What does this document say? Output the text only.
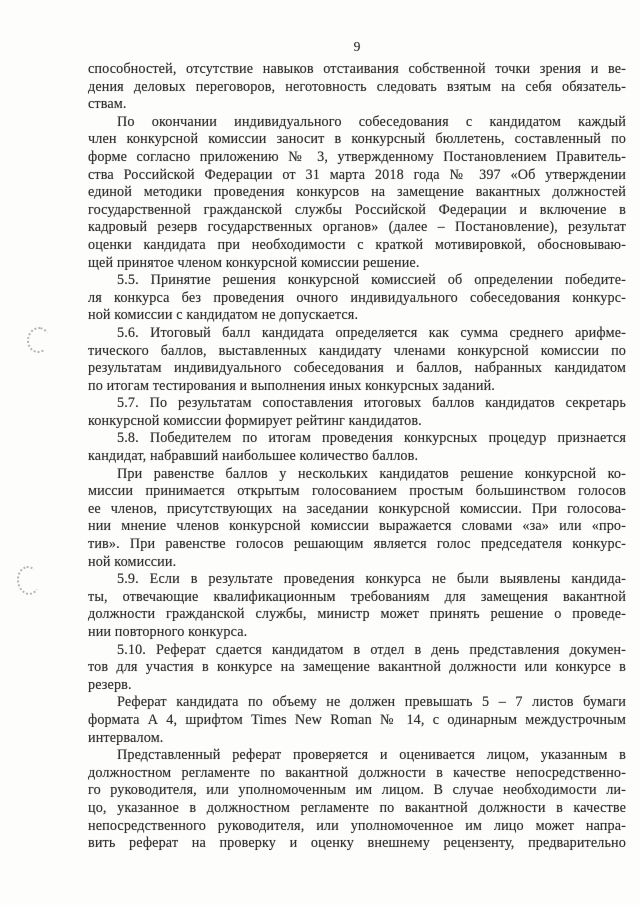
9
способностей, отсутствие навыков отстаивания собственной точки зрения и ве-
дения деловых переговоров, неготовность следовать взятым на себя обязатель-
ствам.
По окончании индивидуального собеседования с кандидатом каждый
член конкурсной комиссии заносит в конкурсный бюллетень, составленный по
форме согласно приложению № 3, утвержденному Постановлением Правитель-
ства Российской Федерации от 31 марта 2018 года № 397 «Об утверждении
единой методики проведения конкурсов на замещение вакантных должностей
государственной гражданской службы Российской Федерации и включение в
кадровый резерв государственных органов» (далее – Постановление), результат
оценки кандидата при необходимости с краткой мотивировкой, обосновываю-
щей принятое членом конкурсной комиссии решение.
5.5. Принятие решения конкурсной комиссией об определении победите-
ля конкурса без проведения очного индивидуального собеседования конкурс-
ной комиссии с кандидатом не допускается.
5.6. Итоговый балл кандидата определяется как сумма среднего арифме-
тического баллов, выставленных кандидату членами конкурсной комиссии по
результатам индивидуального собеседования и баллов, набранных кандидатом
по итогам тестирования и выполнения иных конкурсных заданий.
5.7. По результатам сопоставления итоговых баллов кандидатов секретарь
конкурсной комиссии формирует рейтинг кандидатов.
5.8. Победителем по итогам проведения конкурсных процедур признается
кандидат, набравший наибольшее количество баллов.
При равенстве баллов у нескольких кандидатов решение конкурсной ко-
миссии принимается открытым голосованием простым большинством голосов
ее членов, присутствующих на заседании конкурсной комиссии. При голосова-
нии мнение членов конкурсной комиссии выражается словами «за» или «про-
тив». При равенстве голосов решающим является голос председателя конкурс-
ной комиссии.
5.9. Если в результате проведения конкурса не были выявлены кандида-
ты, отвечающие квалификационным требованиям для замещения вакантной
должности гражданской службы, министр может принять решение о проведе-
нии повторного конкурса.
5.10. Реферат сдается кандидатом в отдел в день представления докумен-
тов для участия в конкурсе на замещение вакантной должности или конкурсе в
резерв.
Реферат кандидата по объему не должен превышать 5 – 7 листов бумаги
формата А 4, шрифтом Times New Roman № 14, с одинарным междустрочным
интервалом.
Представленный реферат проверяется и оценивается лицом, указанным в
должностном регламенте по вакантной должности в качестве непосредственно-
го руководителя, или уполномоченным им лицом. В случае необходимости ли-
цо, указанное в должностном регламенте по вакантной должности в качестве
непосредственного руководителя, или уполномоченное им лицо может напра-
вить реферат на проверку и оценку внешнему рецензенту, предварительно
